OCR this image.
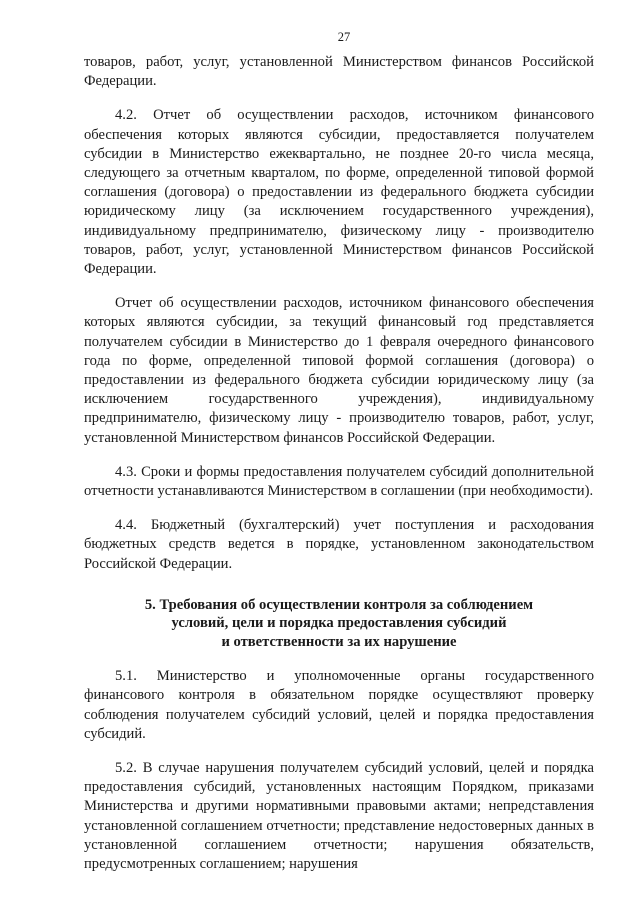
27

товаров, работ, услуг, установленной Министерством финансов Российской Федерации.

4.2. Отчет об осуществлении расходов, источником финансового обеспечения которых являются субсидии, предоставляется получателем субсидии в Министерство ежеквартально, не позднее 20-го числа месяца, следующего за отчетным кварталом, по форме, определенной типовой формой соглашения (договора) о предоставлении из федерального бюджета субсидии юридическому лицу (за исключением государственного учреждения), индивидуальному предпринимателю, физическому лицу - производителю товаров, работ, услуг, установленной Министерством финансов Российской Федерации.

Отчет об осуществлении расходов, источником финансового обеспечения которых являются субсидии, за текущий финансовый год представляется получателем субсидии в Министерство до 1 февраля очередного финансового года по форме, определенной типовой формой соглашения (договора) о предоставлении из федерального бюджета субсидии юридическому лицу (за исключением государственного учреждения), индивидуальному предпринимателю, физическому лицу - производителю товаров, работ, услуг, установленной Министерством финансов Российской Федерации.

4.3. Сроки и формы предоставления получателем субсидий дополнительной отчетности устанавливаются Министерством в соглашении (при необходимости).

4.4. Бюджетный (бухгалтерский) учет поступления и расходования бюджетных средств ведется в порядке, установленном законодательством Российской Федерации.

5. Требования об осуществлении контроля за соблюдением
условий, цели и порядка предоставления субсидий
и ответственности за их нарушение

5.1. Министерство и уполномоченные органы государственного финансового контроля в обязательном порядке осуществляют проверку соблюдения получателем субсидий условий, целей и порядка предоставления субсидий.

5.2. В случае нарушения получателем субсидий условий, целей и порядка предоставления субсидий, установленных настоящим Порядком, приказами Министерства и другими нормативными правовыми актами; непредставления установленной соглашением отчетности; представление недостоверных данных в установленной соглашением отчетности; нарушения обязательств, предусмотренных соглашением; нарушения
